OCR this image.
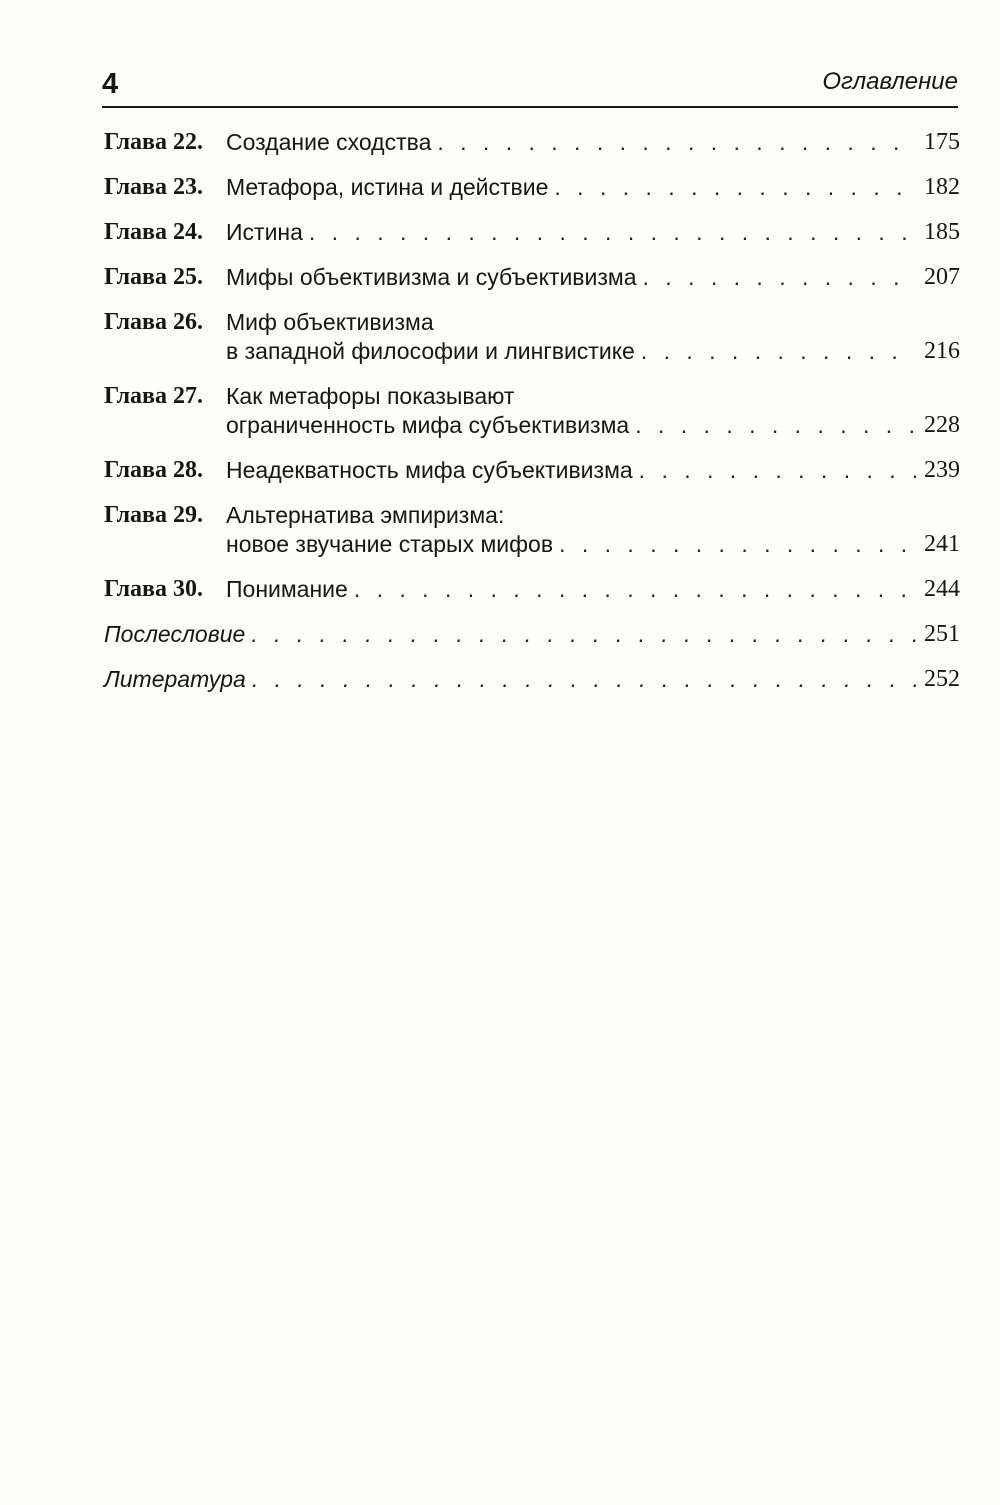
4	Оглавление
Глава 22.	Создание сходства . . .	175
Глава 23.	Метафора, истина и действие . . .	182
Глава 24.	Истина . . .	185
Глава 25.	Мифы объективизма и субъективизма . . .	207
Глава 26.	Миф объективизма
в западной философии и лингвистике . . .	216
Глава 27.	Как метафоры показывают
ограниченность мифа субъективизма . . .	228
Глава 28.	Неадекватность мифа субъективизма . . .	239
Глава 29.	Альтернатива эмпиризма:
новое звучание старых мифов . . .	241
Глава 30.	Понимание . . .	244
Послесловие . . .	251
Литература . . .	252
